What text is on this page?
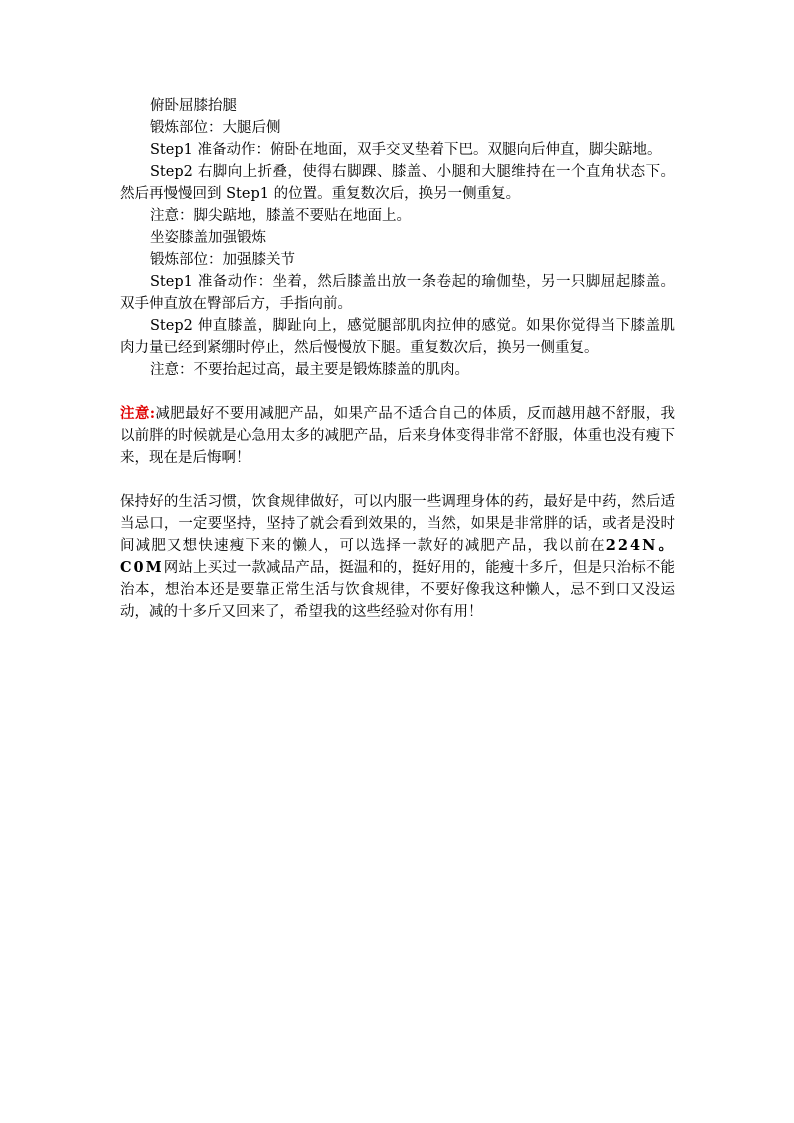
俯卧屈膝抬腿

锻炼部位：大腿后侧

Step1 准备动作：俯卧在地面，双手交叉垫着下巴。双腿向后伸直，脚尖踮地。

Step2 右脚向上折叠，使得右脚踝、膝盖、小腿和大腿维持在一个直角状态下。然后再慢慢回到 Step1 的位置。重复数次后，换另一侧重复。

注意：脚尖踮地，膝盖不要贴在地面上。

坐姿膝盖加强锻炼

锻炼部位：加强膝关节

Step1 准备动作：坐着，然后膝盖出放一条卷起的瑜伽垫，另一只脚屈起膝盖。双手伸直放在臀部后方，手指向前。

Step2 伸直膝盖，脚趾向上，感觉腿部肌肉拉伸的感觉。如果你觉得当下膝盖肌肉力量已经到紧绷时停止，然后慢慢放下腿。重复数次后，换另一侧重复。

注意：不要抬起过高，最主要是锻炼膝盖的肌肉。

注意:减肥最好不要用减肥产品，如果产品不适合自己的体质，反而越用越不舒服，我以前胖的时候就是心急用太多的减肥产品，后来身体变得非常不舒服，体重也没有瘦下来，现在是后悔啊！

保持好的生活习惯，饮食规律做好，可以内服一些调理身体的药，最好是中药，然后适当忌口，一定要坚持，坚持了就会看到效果的，当然，如果是非常胖的话，或者是没时间减肥又想快速瘦下来的懒人，可以选择一款好的减肥产品，我以前在224N。C0M网站上买过一款减品产品，挺温和的，挺好用的，能瘦十多斤，但是只治标不能治本，想治本还是要靠正常生活与饮食规律，不要好像我这种懒人，忌不到口又没运动，减的十多斤又回来了，希望我的这些经验对你有用！
